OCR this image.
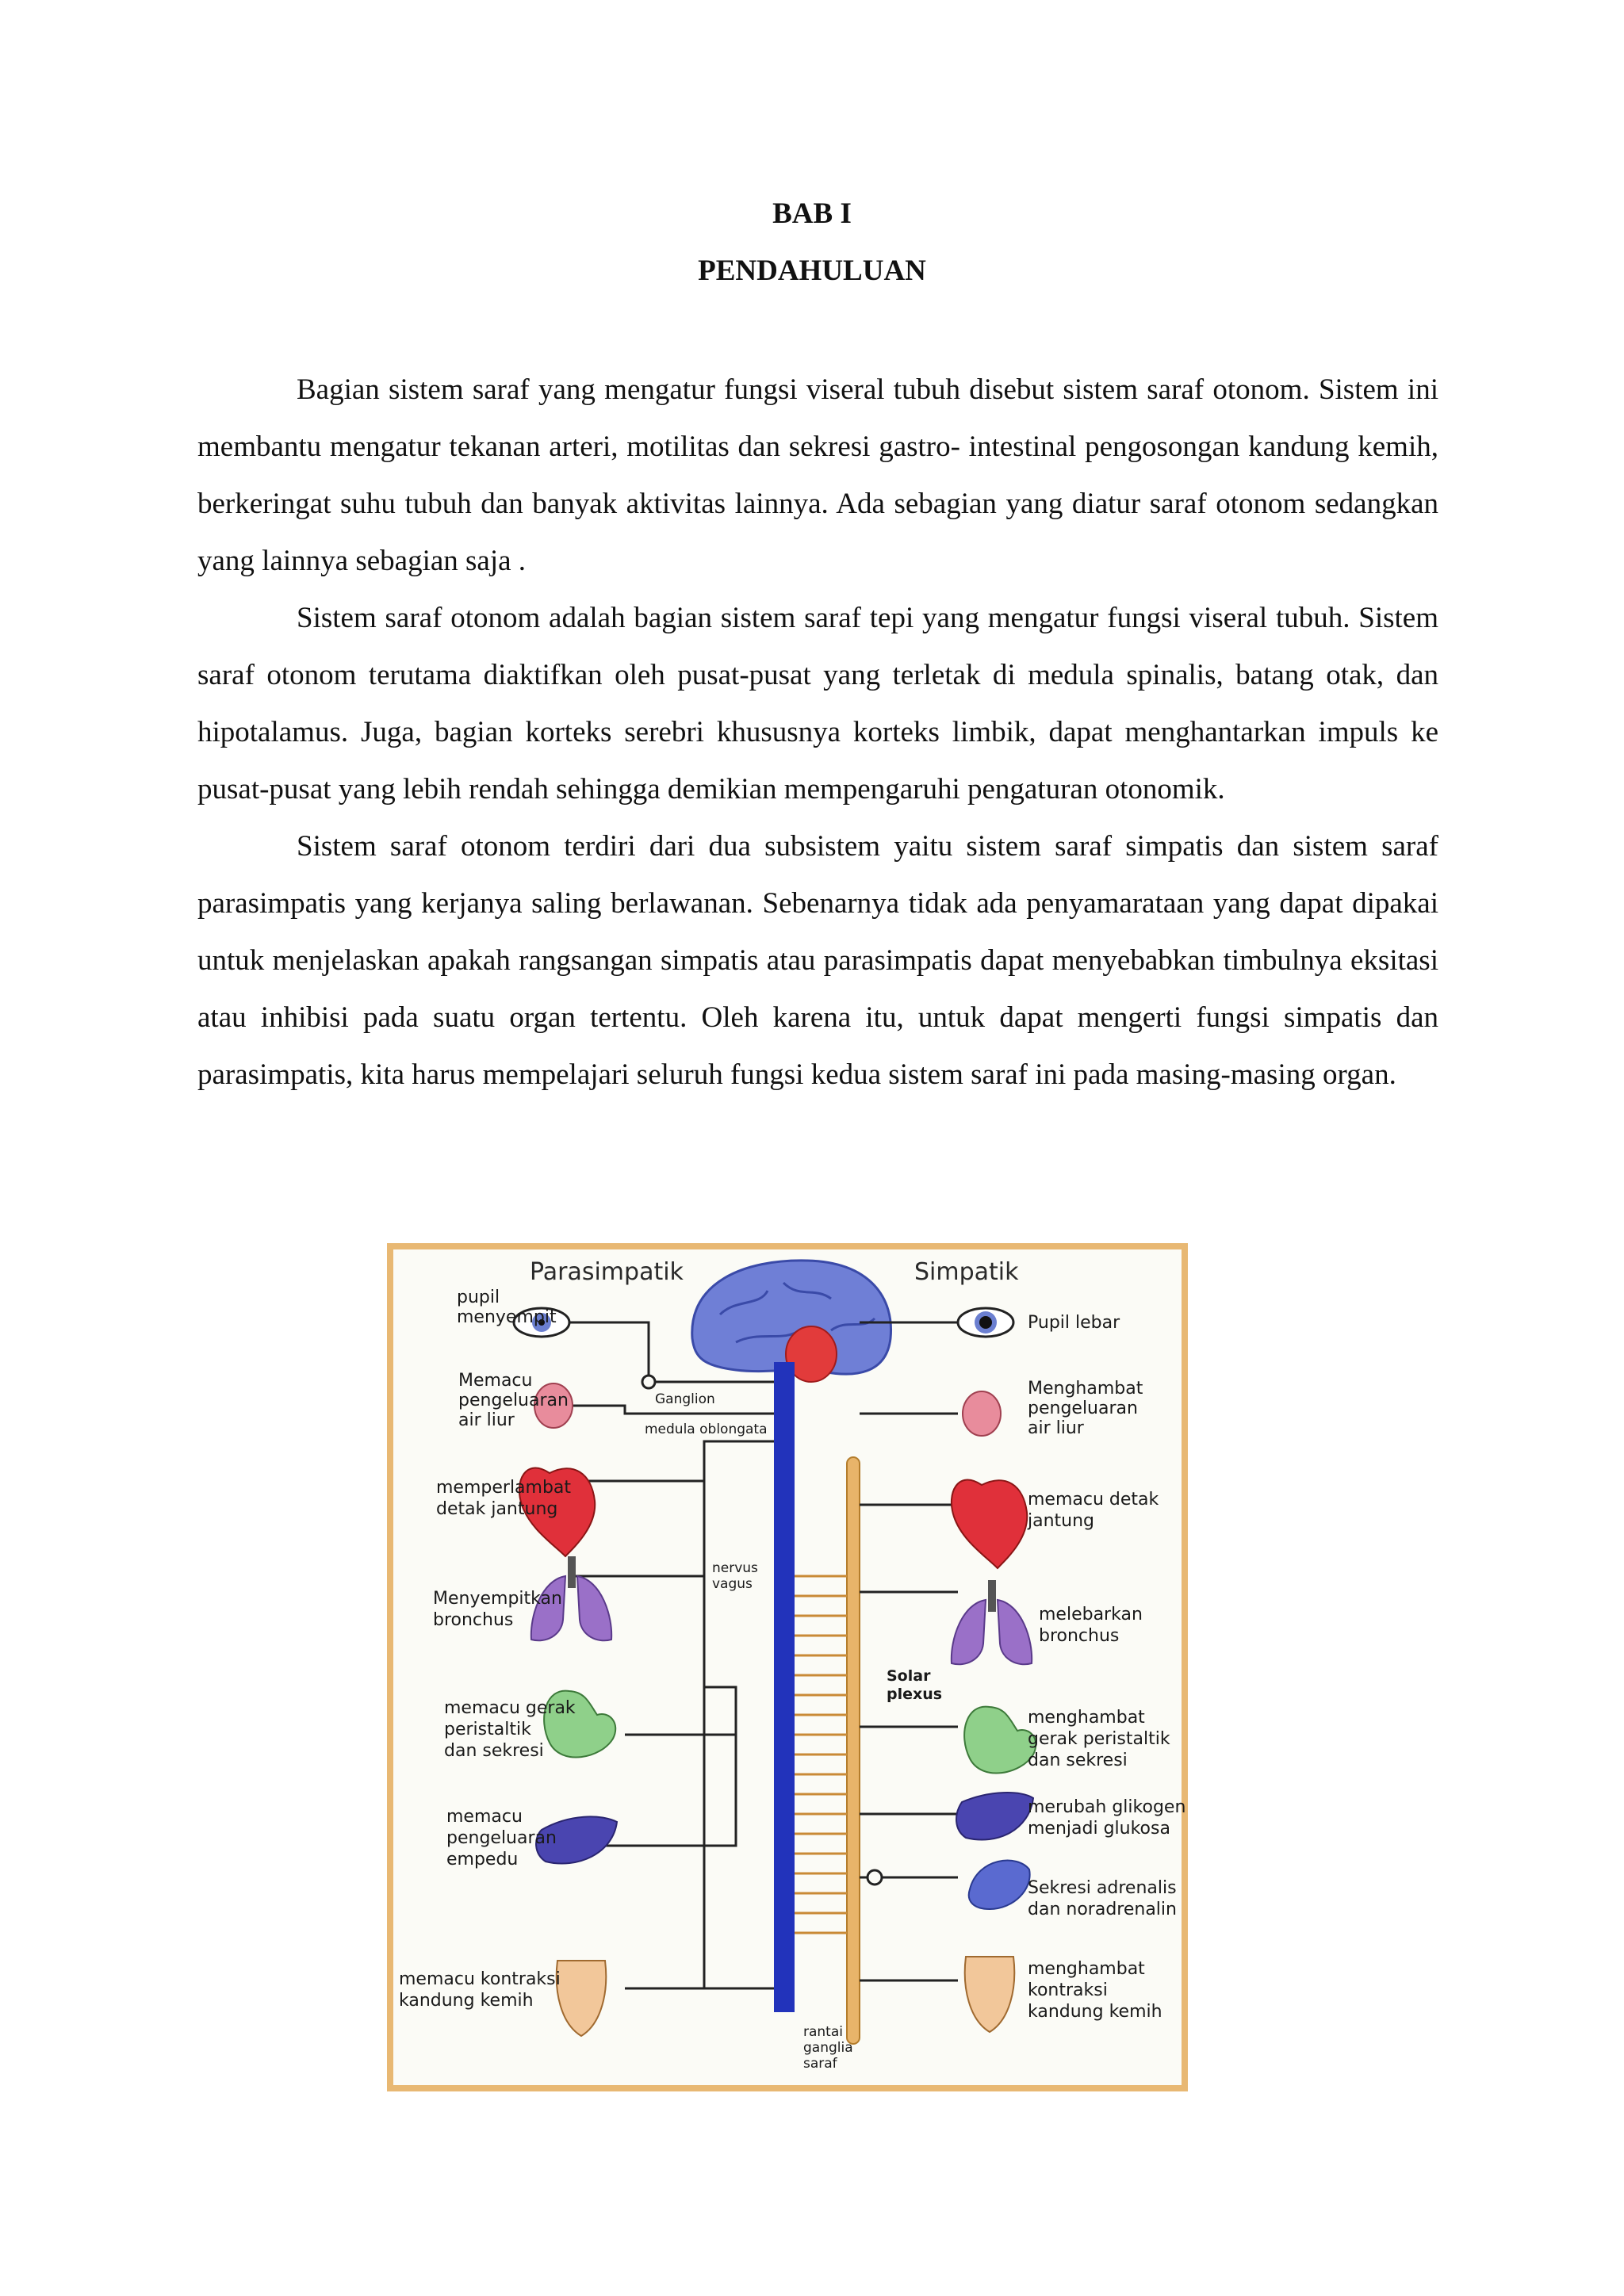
BAB I
PENDAHULUAN

Bagian sistem saraf yang mengatur fungsi viseral tubuh disebut sistem saraf otonom. Sistem ini membantu mengatur tekanan arteri, motilitas dan sekresi gastro- intestinal pengosongan kandung kemih, berkeringat suhu tubuh dan banyak aktivitas lainnya. Ada sebagian yang diatur saraf otonom sedangkan yang lainnya sebagian saja .

Sistem saraf otonom adalah bagian sistem saraf tepi yang mengatur fungsi viseral tubuh. Sistem saraf otonom terutama diaktifkan oleh pusat-pusat yang terletak di medula spinalis, batang otak, dan hipotalamus. Juga, bagian korteks serebri khususnya korteks limbik, dapat menghantarkan impuls ke pusat-pusat yang lebih rendah sehingga demikian mempengaruhi pengaturan otonomik.

Sistem saraf otonom terdiri dari dua subsistem yaitu sistem saraf simpatis dan sistem saraf parasimpatis yang kerjanya saling berlawanan. Sebenarnya tidak ada penyamarataan yang dapat dipakai untuk menjelaskan apakah rangsangan simpatis atau parasimpatis dapat menyebabkan timbulnya eksitasi atau inhibisi pada suatu organ tertentu. Oleh karena itu, untuk dapat mengerti fungsi simpatis dan parasimpatis, kita harus mempelajari seluruh fungsi kedua sistem saraf ini pada masing-masing organ.

Parasimpatik	Simpatik
Ganglion
medula oblongata
nervus
vagus
Solar
plexus
rantai
ganglia
saraf
pupil
menyempit
Memacu
pengeluaran
air liur
memperlambat
detak jantung
Menyempitkan
bronchus
memacu gerak
peristaltik
dan sekresi
memacu
pengeluaran
empedu
memacu kontraksi
kandung kemih
Pupil lebar
Menghambat
pengeluaran
air liur
memacu detak
jantung
melebarkan
bronchus
menghambat
gerak peristaltik
dan sekresi
merubah glikogen
menjadi glukosa
Sekresi adrenalis
dan noradrenalin
menghambat
kontraksi
kandung kemih
